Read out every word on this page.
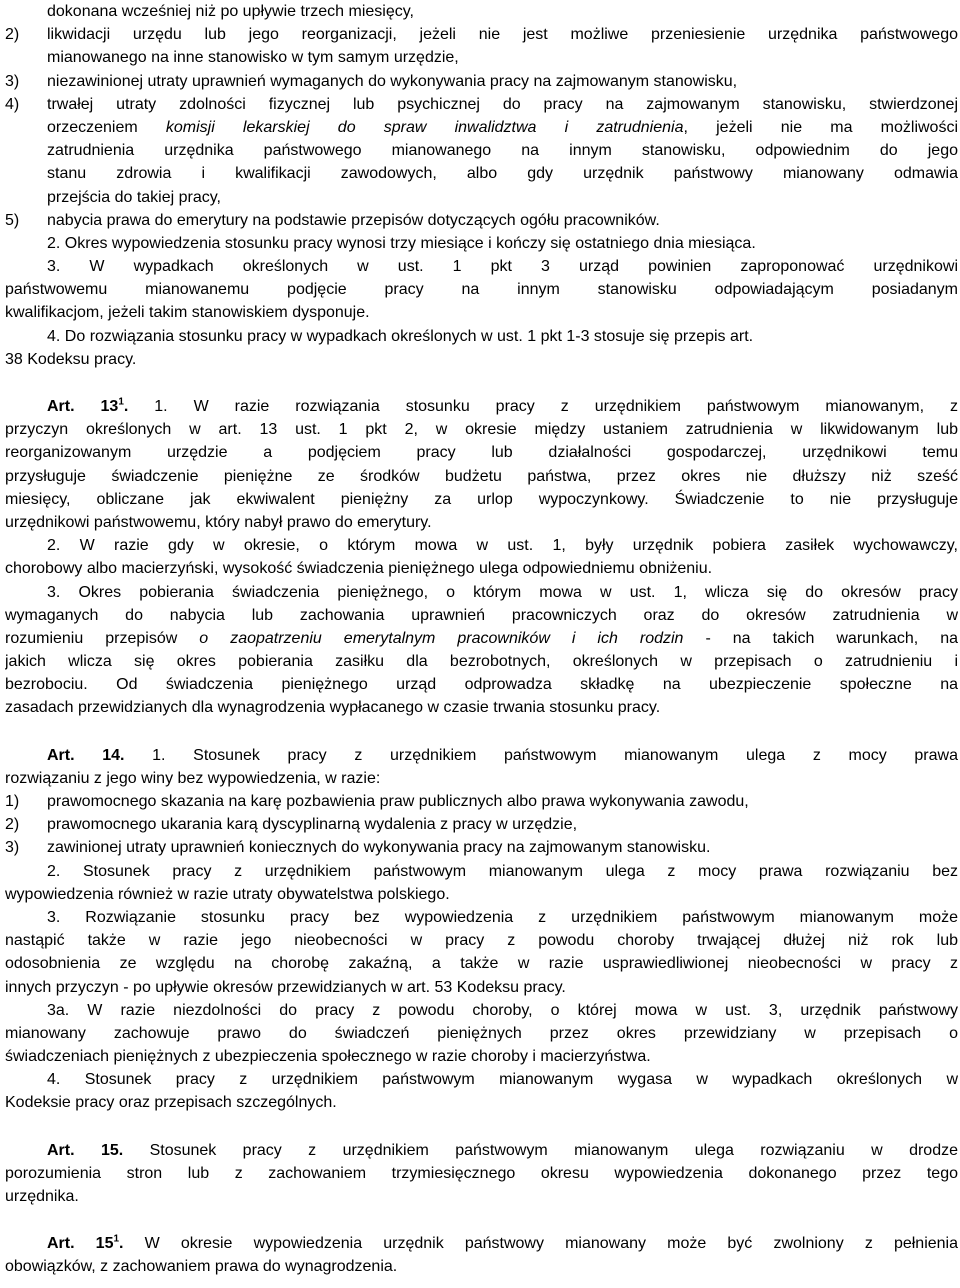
dokonana wcześniej niż po upływie trzech miesięcy,
2) likwidacji urzędu lub jego reorganizacji, jeżeli nie jest możliwe przeniesienie urzędnika państwowego
mianowanego na inne stanowisko w tym samym urzędzie,
3) niezawinionej utraty uprawnień wymaganych do wykonywania pracy na zajmowanym stanowisku,
4) trwałej utraty zdolności fizycznej lub psychicznej do pracy na zajmowanym stanowisku, stwierdzonej
orzeczeniem komisji lekarskiej do spraw inwalidztwa i zatrudnienia, jeżeli nie ma możliwości
zatrudnienia urzędnika państwowego mianowanego na innym stanowisku, odpowiednim do jego
stanu zdrowia i kwalifikacji zawodowych, albo gdy urzędnik państwowy mianowany odmawia
przejścia do takiej pracy,
5) nabycia prawa do emerytury na podstawie przepisów dotyczących ogółu pracowników.
2. Okres wypowiedzenia stosunku pracy wynosi trzy miesiące i kończy się ostatniego dnia miesiąca.
3. W wypadkach określonych w ust. 1 pkt 3 urząd powinien zaproponować urzędnikowi
państwowemu mianowanemu podjęcie pracy na innym stanowisku odpowiadającym posiadanym
kwalifikacjom, jeżeli takim stanowiskiem dysponuje.
4. Do rozwiązania stosunku pracy w wypadkach określonych w ust. 1 pkt 1-3 stosuje się przepis art.
38 Kodeksu pracy.
Art. $13^1$. 1. W razie rozwiązania stosunku pracy z urzędnikiem państwowym mianowanym, z
przyczyn określonych w art. 13 ust. 1 pkt 2, w okresie między ustaniem zatrudnienia w likwidowanym lub
reorganizowanym urzędzie a podjęciem pracy lub działalności gospodarczej, urzędnikowi temu
przysługuje świadczenie pieniężne ze środków budżetu państwa, przez okres nie dłuższy niż sześć
miesięcy, obliczane jak ekwiwalent pieniężny za urlop wypoczynkowy. Świadczenie to nie przysługuje
urzędnikowi państwowemu, który nabył prawo do emerytury.
2. W razie gdy w okresie, o którym mowa w ust. 1, były urzędnik pobiera zasiłek wychowawczy,
chorobowy albo macierzyński, wysokość świadczenia pieniężnego ulega odpowiedniemu obniżeniu.
3. Okres pobierania świadczenia pieniężnego, o którym mowa w ust. 1, wlicza się do okresów pracy
wymaganych do nabycia lub zachowania uprawnień pracowniczych oraz do okresów zatrudnienia w
rozumieniu przepisów o zaopatrzeniu emerytalnym pracowników i ich rodzin - na takich warunkach, na
jakich wlicza się okres pobierania zasiłku dla bezrobotnych, określonych w przepisach o zatrudnieniu i
bezrobociu. Od świadczenia pieniężnego urząd odprowadza składkę na ubezpieczenie społeczne na
zasadach przewidzianych dla wynagrodzenia wypłacanego w czasie trwania stosunku pracy.
Art. 14. 1. Stosunek pracy z urzędnikiem państwowym mianowanym ulega z mocy prawa
rozwiązaniu z jego winy bez wypowiedzenia, w razie:
1) prawomocnego skazania na karę pozbawienia praw publicznych albo prawa wykonywania zawodu,
2) prawomocnego ukarania karą dyscyplinarną wydalenia z pracy w urzędzie,
3) zawinionej utraty uprawnień koniecznych do wykonywania pracy na zajmowanym stanowisku.
2. Stosunek pracy z urzędnikiem państwowym mianowanym ulega z mocy prawa rozwiązaniu bez
wypowiedzenia również w razie utraty obywatelstwa polskiego.
3. Rozwiązanie stosunku pracy bez wypowiedzenia z urzędnikiem państwowym mianowanym może
nastąpić także w razie jego nieobecności w pracy z powodu choroby trwającej dłużej niż rok lub
odosobnienia ze względu na chorobę zakaźną, a także w razie usprawiedliwionej nieobecności w pracy z
innych przyczyn - po upływie okresów przewidzianych w art. 53 Kodeksu pracy.
3a. W razie niezdolności do pracy z powodu choroby, o której mowa w ust. 3, urzędnik państwowy
mianowany zachowuje prawo do świadczeń pieniężnych przez okres przewidziany w przepisach o
świadczeniach pieniężnych z ubezpieczenia społecznego w razie choroby i macierzyństwa.
4. Stosunek pracy z urzędnikiem państwowym mianowanym wygasa w wypadkach określonych w
Kodeksie pracy oraz przepisach szczególnych.
Art. 15. Stosunek pracy z urzędnikiem państwowym mianowanym ulega rozwiązaniu w drodze
porozumienia stron lub z zachowaniem trzymiesięcznego okresu wypowiedzenia dokonanego przez tego
urzędnika.
Art. $15^1$. W okresie wypowiedzenia urzędnik państwowy mianowany może być zwolniony z pełnienia
obowiązków, z zachowaniem prawa do wynagrodzenia.
